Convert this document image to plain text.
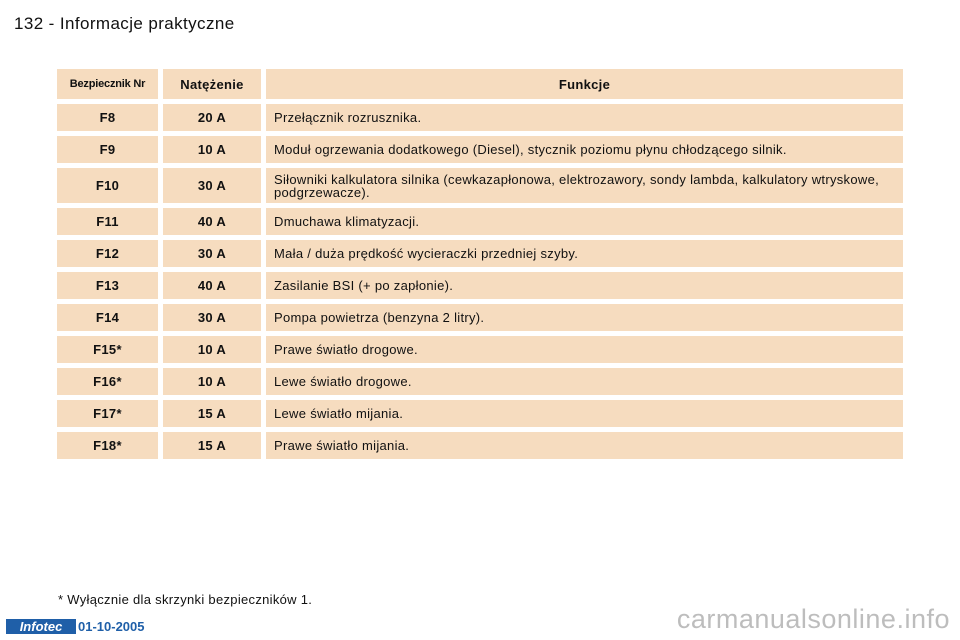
132 - Informacje praktyczne
Bezpiecznik Nr	Natężenie	Funkcje
F8	20 A	Przełącznik rozrusznika.
F9	10 A	Moduł ogrzewania dodatkowego (Diesel), stycznik poziomu płynu chłodzącego silnik.
F10	30 A	Siłowniki kalkulatora silnika (cewkazapłonowa, elektrozawory, sondy lambda, kalkulatory wtryskowe, podgrzewacze).
F11	40 A	Dmuchawa klimatyzacji.
F12	30 A	Mała / duża prędkość wycieraczki przedniej szyby.
F13	40 A	Zasilanie BSI (+ po zapłonie).
F14	30 A	Pompa powietrza (benzyna 2 litry).
F15*	10 A	Prawe światło drogowe.
F16*	10 A	Lewe światło drogowe.
F17*	15 A	Lewe światło mijania.
F18*	15 A	Prawe światło mijania.
* Wyłącznie dla skrzynki bezpieczników 1.
Infotec	01-10-2005	carmanualsonline.info
